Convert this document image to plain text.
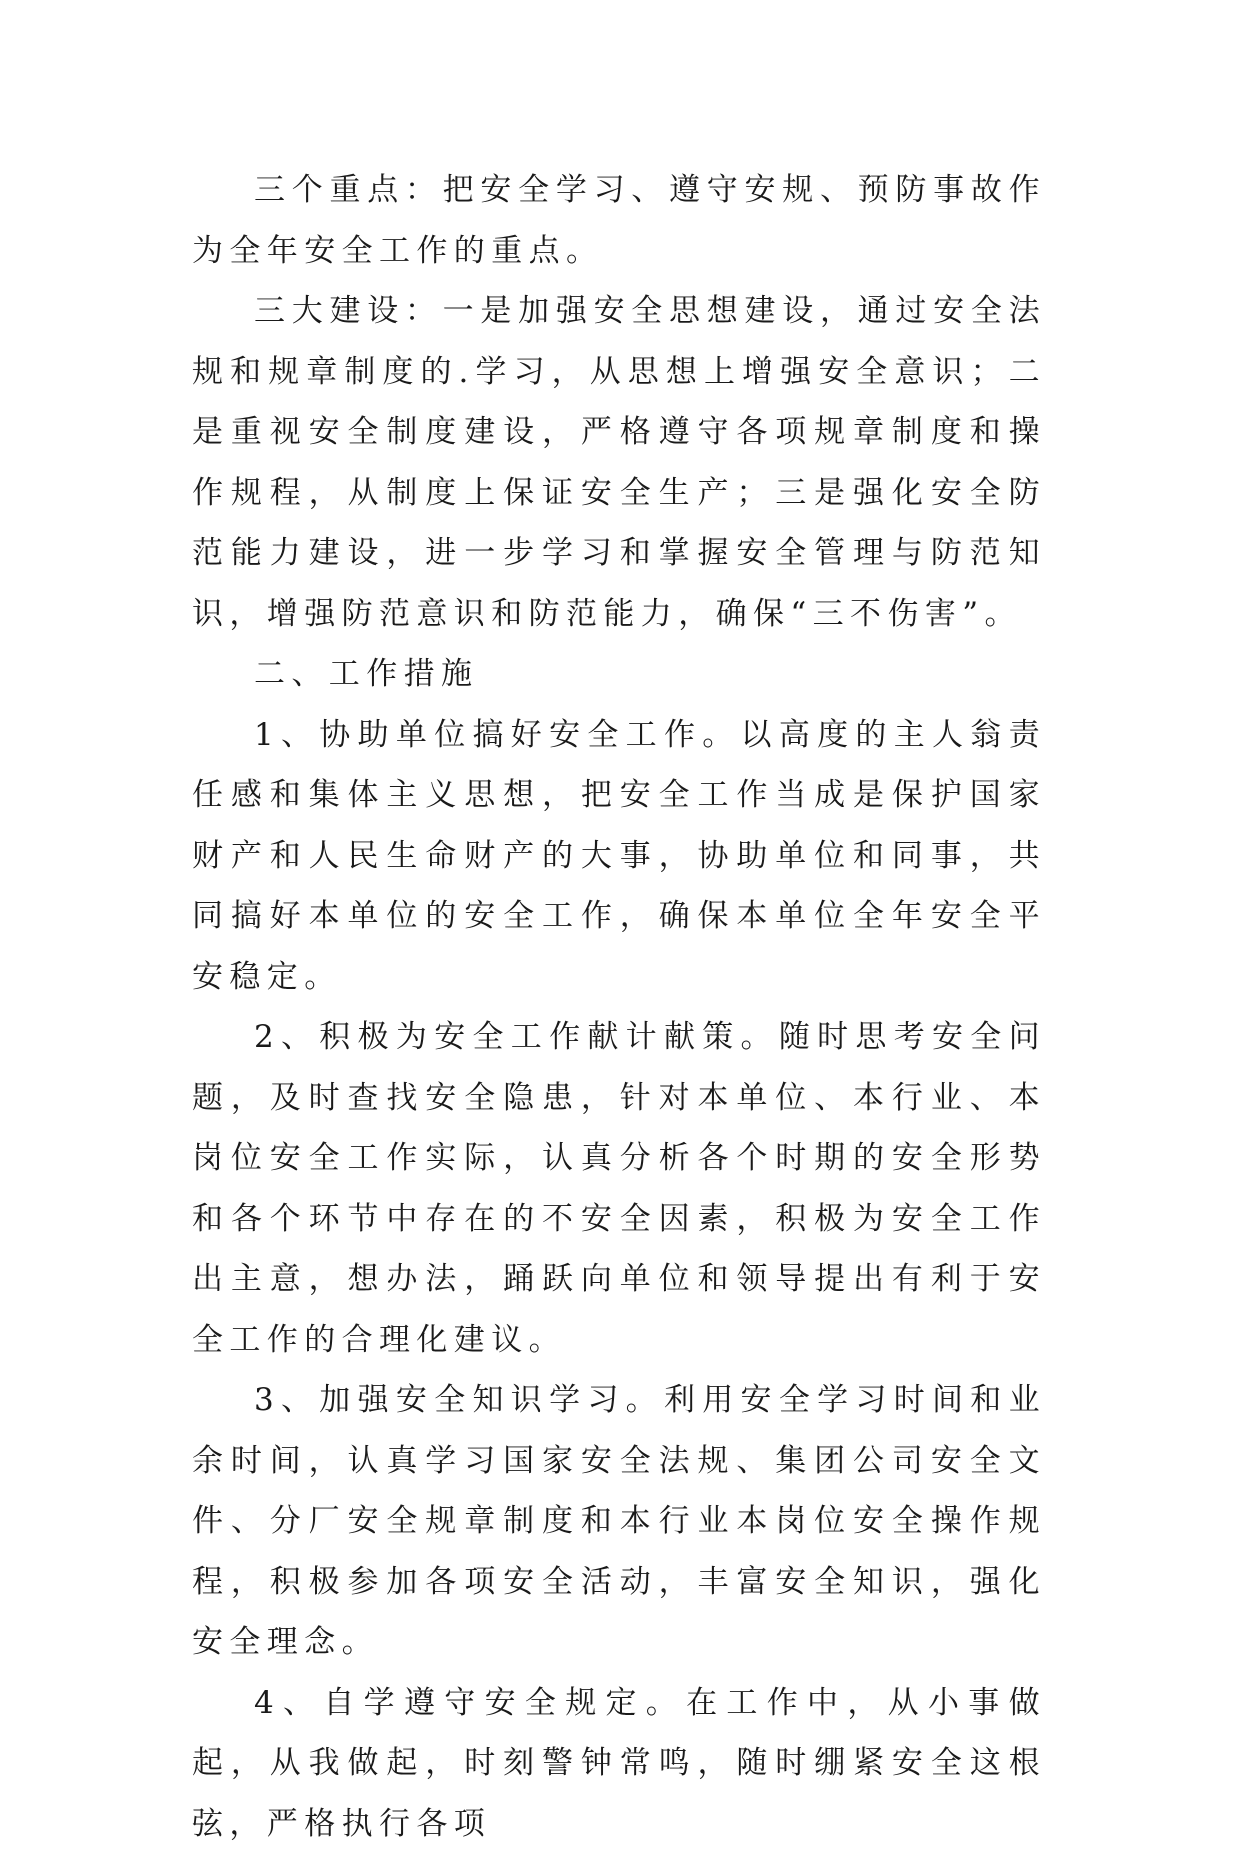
三个重点：把安全学习、遵守安规、预防事故作为全年安全工作的重点。

三大建设：一是加强安全思想建设，通过安全法规和规章制度的.学习，从思想上增强安全意识；二是重视安全制度建设，严格遵守各项规章制度和操作规程，从制度上保证安全生产；三是强化安全防范能力建设，进一步学习和掌握安全管理与防范知识，增强防范意识和防范能力，确保“三不伤害”。

二、工作措施

1、协助单位搞好安全工作。以高度的主人翁责任感和集体主义思想，把安全工作当成是保护国家财产和人民生命财产的大事，协助单位和同事，共同搞好本单位的安全工作，确保本单位全年安全平安稳定。

2、积极为安全工作献计献策。随时思考安全问题，及时查找安全隐患，针对本单位、本行业、本岗位安全工作实际，认真分析各个时期的安全形势和各个环节中存在的不安全因素，积极为安全工作出主意，想办法，踊跃向单位和领导提出有利于安全工作的合理化建议。

3、加强安全知识学习。利用安全学习时间和业余时间，认真学习国家安全法规、集团公司安全文件、分厂安全规章制度和本行业本岗位安全操作规程，积极参加各项安全活动，丰富安全知识，强化安全理念。

4、自学遵守安全规定。在工作中，从小事做起，从我做起，时刻警钟常鸣，随时绷紧安全这根弦，严格执行各项
